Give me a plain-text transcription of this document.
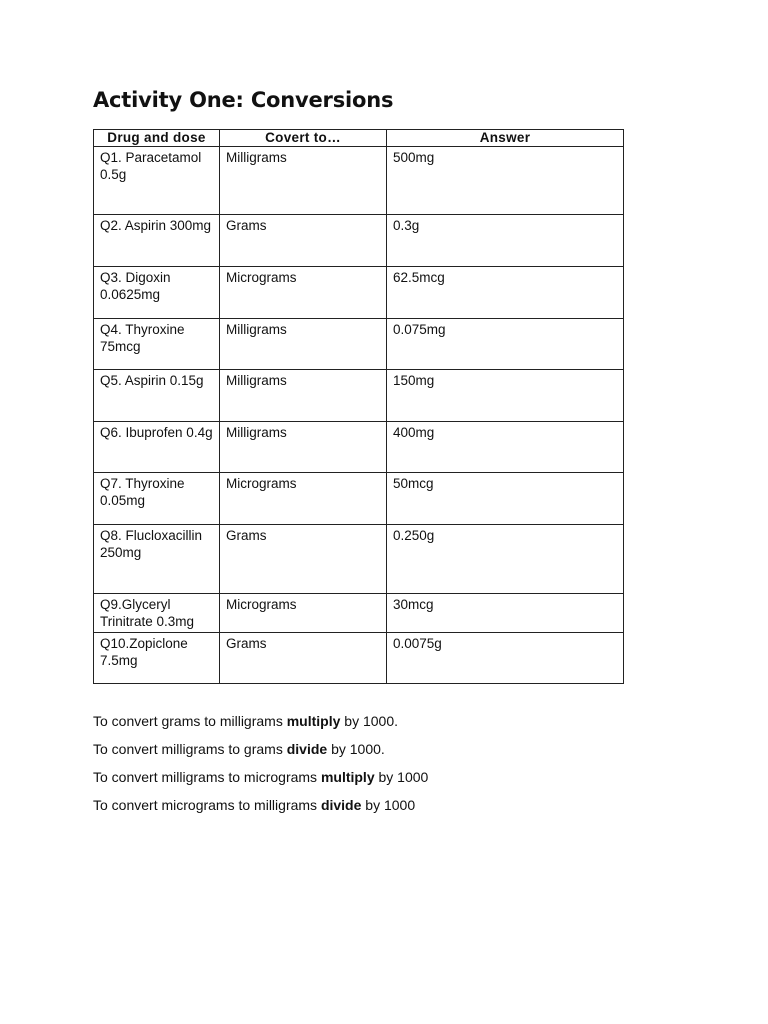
Activity One: Conversions
Drug and dose	Covert to…	Answer
Q1. Paracetamol 0.5g	Milligrams	500mg
Q2. Aspirin 300mg	Grams	0.3g
Q3. Digoxin 0.0625mg	Micrograms	62.5mcg
Q4. Thyroxine 75mcg	Milligrams	0.075mg
Q5. Aspirin 0.15g	Milligrams	150mg
Q6. Ibuprofen 0.4g	Milligrams	400mg
Q7. Thyroxine 0.05mg	Micrograms	50mcg
Q8. Flucloxacillin 250mg	Grams	0.250g
Q9.Glyceryl Trinitrate 0.3mg	Micrograms	30mcg
Q10.Zopiclone 7.5mg	Grams	0.0075g

To convert grams to milligrams multiply by 1000.

To convert milligrams to grams divide by 1000.

To convert milligrams to micrograms multiply by 1000

To convert micrograms to milligrams divide by 1000
